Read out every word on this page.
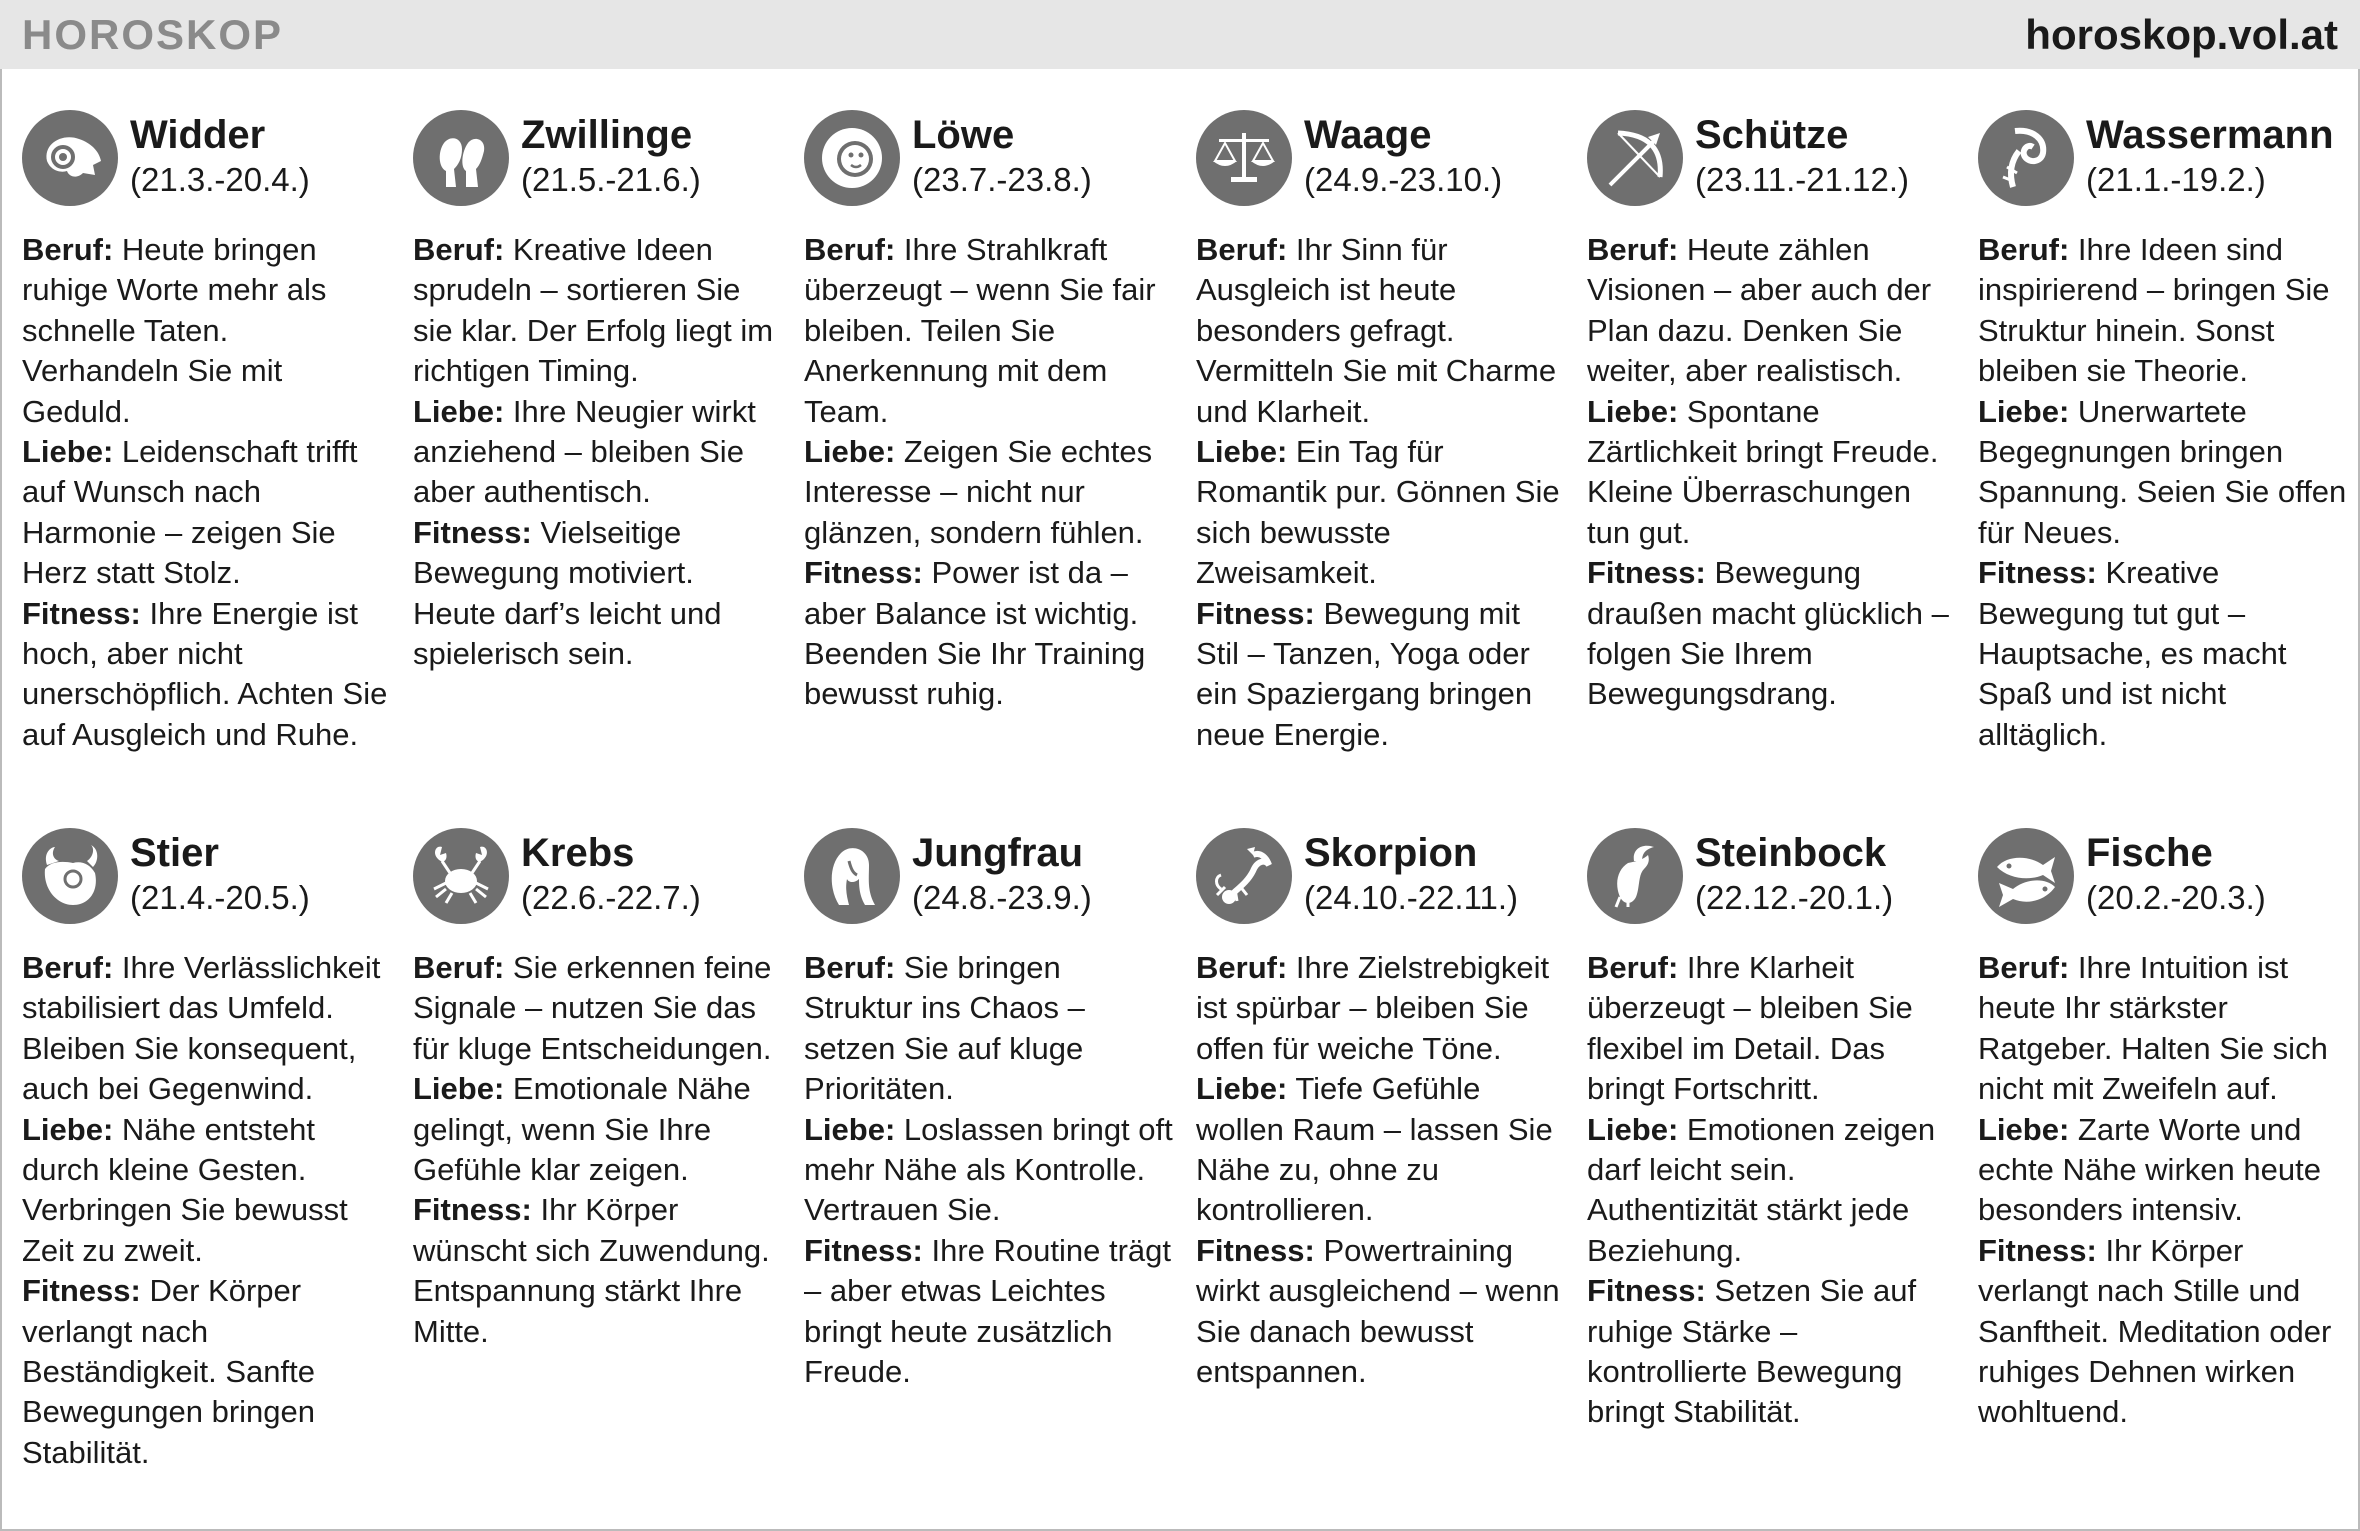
HOROSKOP	horoskop.vol.at
Widder
(21.3.-20.4.)

Beruf: Heute bringen ruhige Worte mehr als schnelle Taten. Verhandeln Sie mit Geduld.

Liebe: Leidenschaft trifft auf Wunsch nach Harmonie – zeigen Sie Herz statt Stolz.

Fitness: Ihre Energie ist hoch, aber nicht unerschöpflich. Achten Sie auf Ausgleich und Ruhe.

Zwillinge
(21.5.-21.6.)

Beruf: Kreative Ideen sprudeln – sortieren Sie sie klar. Der Erfolg liegt im richtigen Timing.

Liebe: Ihre Neugier wirkt anziehend – bleiben Sie aber authentisch.

Fitness: Vielseitige Bewegung motiviert. Heute darf’s leicht und spielerisch sein.

Löwe
(23.7.-23.8.)

Beruf: Ihre Strahlkraft überzeugt – wenn Sie fair bleiben. Teilen Sie Anerkennung mit dem Team.

Liebe: Zeigen Sie echtes Interesse – nicht nur glänzen, sondern fühlen.

Fitness: Power ist da – aber Balance ist wichtig. Beenden Sie Ihr Training bewusst ruhig.

Waage
(24.9.-23.10.)

Beruf: Ihr Sinn für Ausgleich ist heute besonders gefragt. Vermitteln Sie mit Charme und Klarheit.

Liebe: Ein Tag für Romantik pur. Gönnen Sie sich bewusste Zweisamkeit.

Fitness: Bewegung mit Stil – Tanzen, Yoga oder ein Spaziergang bringen neue Energie.

Schütze
(23.11.-21.12.)

Beruf: Heute zählen Visionen – aber auch der Plan dazu. Denken Sie weiter, aber realistisch.

Liebe: Spontane Zärtlichkeit bringt Freude. Kleine Überraschungen tun gut.

Fitness: Bewegung draußen macht glücklich – folgen Sie Ihrem Bewegungsdrang.

Wassermann
(21.1.-19.2.)

Beruf: Ihre Ideen sind inspirierend – bringen Sie Struktur hinein. Sonst bleiben sie Theorie.

Liebe: Unerwartete Begegnungen bringen Spannung. Seien Sie offen für Neues.

Fitness: Kreative Bewegung tut gut – Hauptsache, es macht Spaß und ist nicht alltäglich.

Stier
(21.4.-20.5.)

Beruf: Ihre Verlässlichkeit stabilisiert das Umfeld. Bleiben Sie konsequent, auch bei Gegenwind.

Liebe: Nähe entsteht durch kleine Gesten. Verbringen Sie bewusst Zeit zu zweit.

Fitness: Der Körper verlangt nach Beständigkeit. Sanfte Bewegungen bringen Stabilität.

Krebs
(22.6.-22.7.)

Beruf: Sie erkennen feine Signale – nutzen Sie das für kluge Entscheidungen.

Liebe: Emotionale Nähe gelingt, wenn Sie Ihre Gefühle klar zeigen.

Fitness: Ihr Körper wünscht sich Zuwendung. Entspannung stärkt Ihre Mitte.

Jungfrau
(24.8.-23.9.)

Beruf: Sie bringen Struktur ins Chaos – setzen Sie auf kluge Prioritäten.

Liebe: Loslassen bringt oft mehr Nähe als Kontrolle. Vertrauen Sie.

Fitness: Ihre Routine trägt – aber etwas Leichtes bringt heute zusätzlich Freude.

Skorpion
(24.10.-22.11.)

Beruf: Ihre Zielstrebigkeit ist spürbar – bleiben Sie offen für weiche Töne.

Liebe: Tiefe Gefühle wollen Raum – lassen Sie Nähe zu, ohne zu kontrollieren.

Fitness: Powertraining wirkt ausgleichend – wenn Sie danach bewusst entspannen.

Steinbock
(22.12.-20.1.)

Beruf: Ihre Klarheit überzeugt – bleiben Sie flexibel im Detail. Das bringt Fortschritt.

Liebe: Emotionen zeigen darf leicht sein. Authentizität stärkt jede Beziehung.

Fitness: Setzen Sie auf ruhige Stärke – kontrollierte Bewegung bringt Stabilität.

Fische
(20.2.-20.3.)

Beruf: Ihre Intuition ist heute Ihr stärkster Ratgeber. Halten Sie sich nicht mit Zweifeln auf.

Liebe: Zarte Worte und echte Nähe wirken heute besonders intensiv.

Fitness: Ihr Körper verlangt nach Stille und Sanftheit. Meditation oder ruhiges Dehnen wirken wohltuend.
